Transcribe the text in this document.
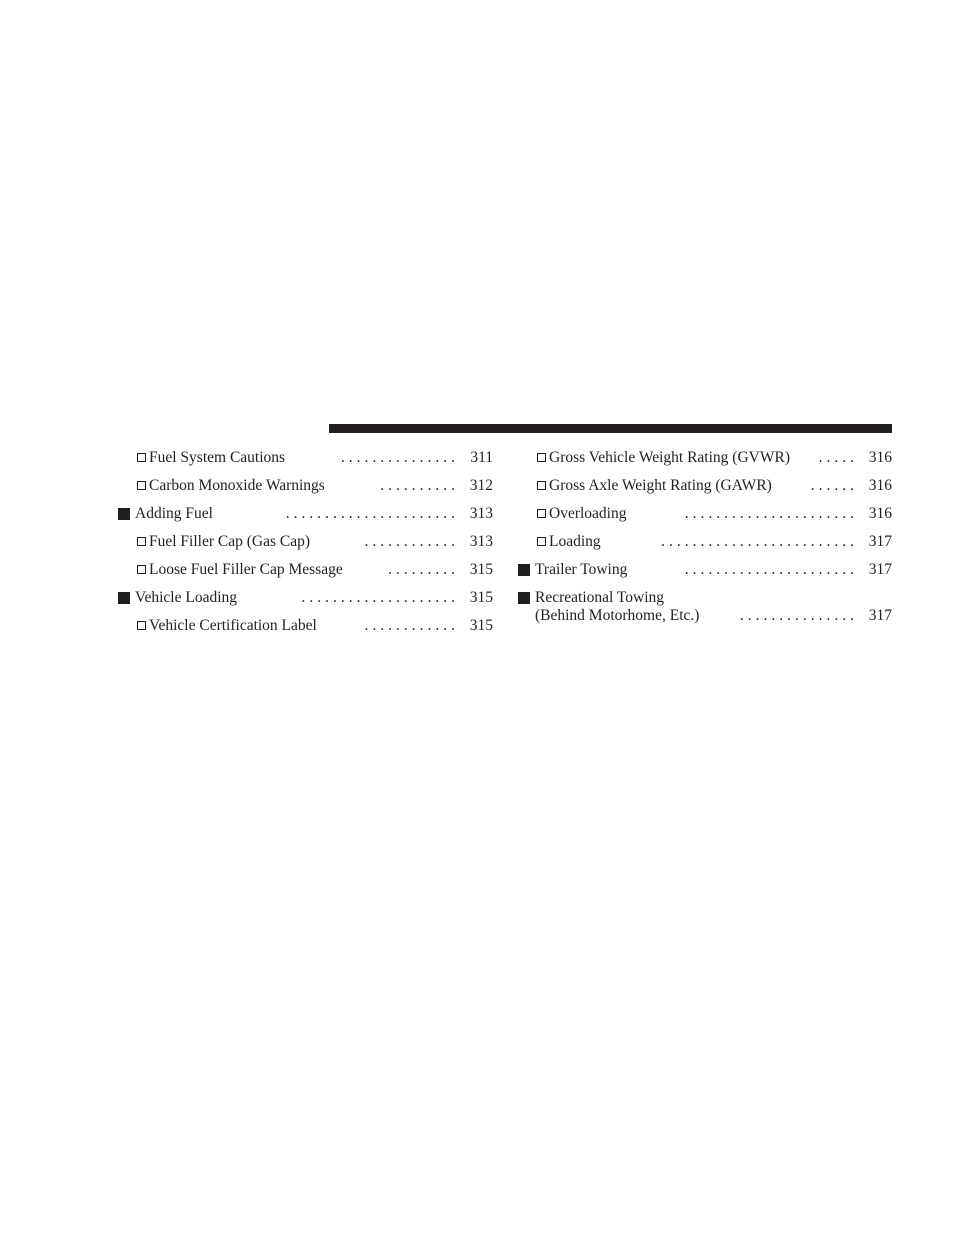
Fuel System Cautions	............... 311
Carbon Monoxide Warnings	.......... 312
Adding Fuel	...................... 313
Fuel Filler Cap (Gas Cap)	............ 313
Loose Fuel Filler Cap Message	......... 315
Vehicle Loading	.................... 315
Vehicle Certification Label	............ 315
Gross Vehicle Weight Rating (GVWR) ..... 316
Gross Axle Weight Rating (GAWR)	...... 316
Overloading	...................... 316
Loading	......................... 317
Trailer Towing	...................... 317
Recreational Towing
(Behind Motorhome, Etc.)	............... 317
